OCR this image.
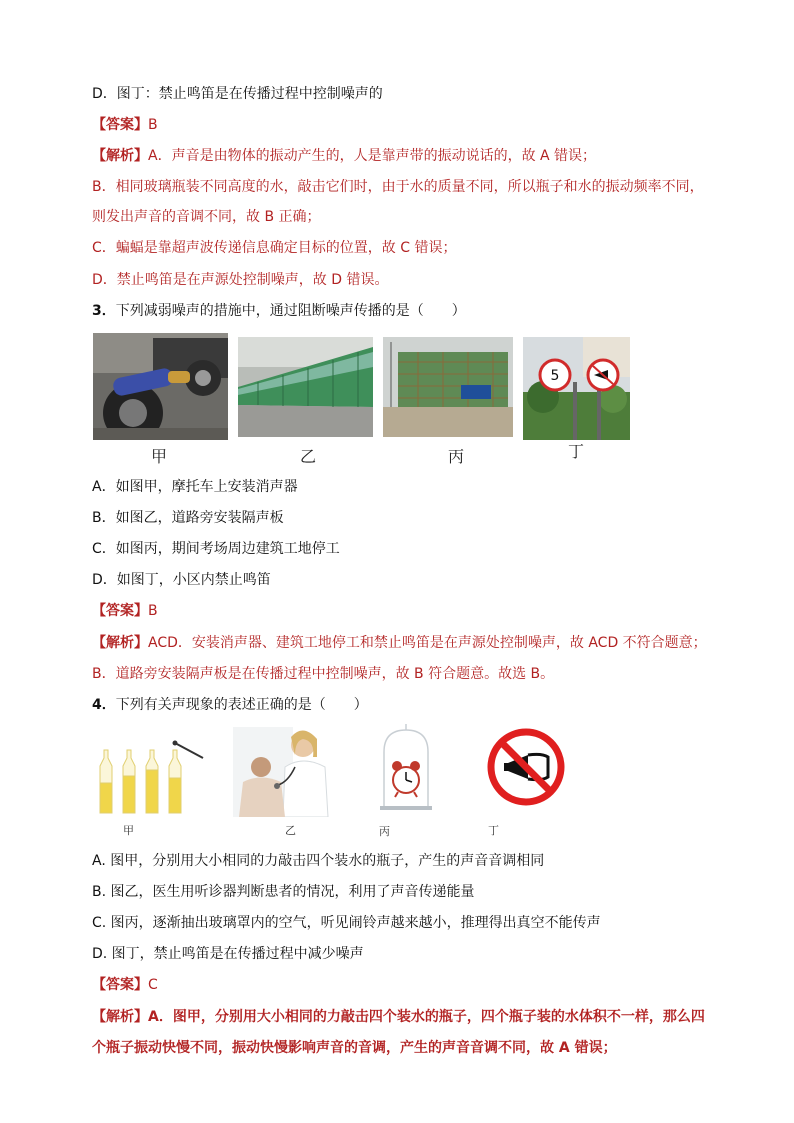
D．图丁：禁止鸣笛是在传播过程中控制噪声的
【答案】B
【解析】A．声音是由物体的振动产生的，人是靠声带的振动说话的，故 A 错误；
B．相同玻璃瓶装不同高度的水，敲击它们时，由于水的质量不同，所以瓶子和水的振动频率不同，
则发出声音的音调不同，故 B 正确；
C．蝙蝠是靠超声波传递信息确定目标的位置，故 C 错误；
D．禁止鸣笛是在声源处控制噪声，故 D 错误。
3．下列减弱噪声的措施中，通过阻断噪声传播的是（　　）
5
甲	乙	丙	丁
A．如图甲，摩托车上安装消声器
B．如图乙，道路旁安装隔声板
C．如图丙，期间考场周边建筑工地停工
D．如图丁，小区内禁止鸣笛
【答案】B
【解析】ACD．安装消声器、建筑工地停工和禁止鸣笛是在声源处控制噪声，故 ACD 不符合题意；
B．道路旁安装隔声板是在传播过程中控制噪声，故 B 符合题意。故选 B。
4．下列有关声现象的表述正确的是（　　）
甲	乙	丙	丁
A. 图甲，分别用大小相同的力敲击四个装水的瓶子，产生的声音音调相同
B. 图乙，医生用听诊器判断患者的情况，利用了声音传递能量
C. 图丙，逐渐抽出玻璃罩内的空气，听见闹铃声越来越小，推理得出真空不能传声
D. 图丁，禁止鸣笛是在传播过程中减少噪声
【答案】C
【解析】A．图甲，分别用大小相同的力敲击四个装水的瓶子，四个瓶子装的水体积不一样，那么四
个瓶子振动快慢不同，振动快慢影响声音的音调，产生的声音音调不同，故 A 错误；
